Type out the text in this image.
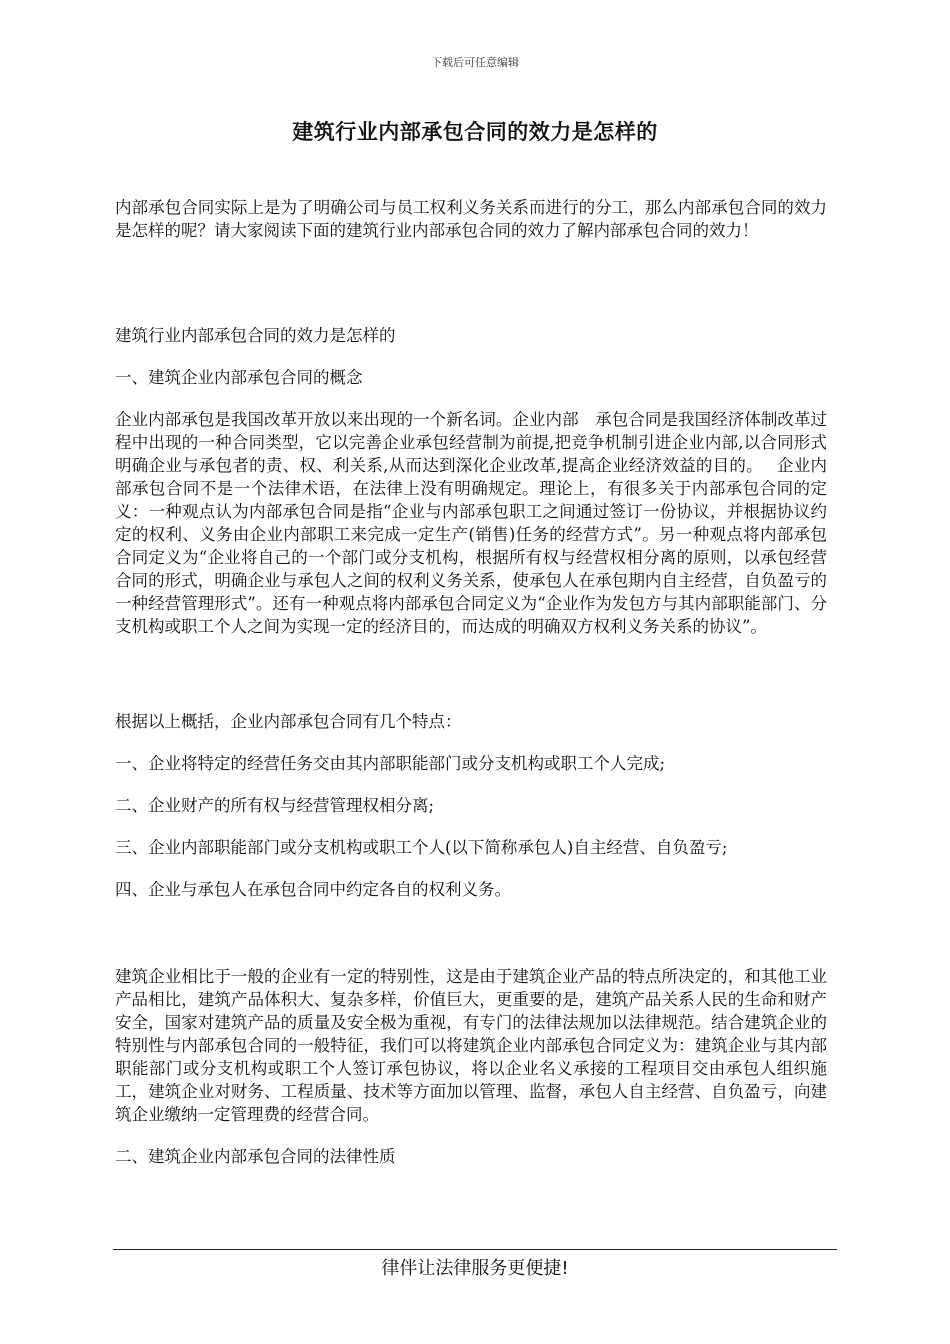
下载后可任意编辑
建筑行业内部承包合同的效力是怎样的

内部承包合同实际上是为了明确公司与员工权利义务关系而进行的分工，那么内部承包合同的效力是怎样的呢？请大家阅读下面的建筑行业内部承包合同的效力了解内部承包合同的效力！

建筑行业内部承包合同的效力是怎样的

一、建筑企业内部承包合同的概念

企业内部承包是我国改革开放以来出现的一个新名词。企业内部　承包合同是我国经济体制改革过程中出现的一种合同类型，它以完善企业承包经营制为前提,把竞争机制引进企业内部,以合同形式明确企业与承包者的责、权、利关系,从而达到深化企业改革,提高企业经济效益的目的。　 企业内部承包合同不是一个法律术语，在法律上没有明确规定。理论上，有很多关于内部承包合同的定义：一种观点认为内部承包合同是指“企业与内部承包职工之间通过签订一份协议，并根据协议约定的权利、义务由企业内部职工来完成一定生产(销售)任务的经营方式”。另一种观点将内部承包合同定义为“企业将自己的一个部门或分支机构，根据所有权与经营权相分离的原则，以承包经营合同的形式，明确企业与承包人之间的权利义务关系，使承包人在承包期内自主经营，自负盈亏的一种经营管理形式”。还有一种观点将内部承包合同定义为“企业作为发包方与其内部职能部门、分支机构或职工个人之间为实现一定的经济目的，而达成的明确双方权利义务关系的协议”。

根据以上概括，企业内部承包合同有几个特点：

一、企业将特定的经营任务交由其内部职能部门或分支机构或职工个人完成;

二、企业财产的所有权与经营管理权相分离;

三、企业内部职能部门或分支机构或职工个人(以下简称承包人)自主经营、自负盈亏;

四、企业与承包人在承包合同中约定各自的权利义务。

建筑企业相比于一般的企业有一定的特别性，这是由于建筑企业产品的特点所决定的，和其他工业产品相比，建筑产品体积大、复杂多样，价值巨大，更重要的是，建筑产品关系人民的生命和财产安全，国家对建筑产品的质量及安全极为重视，有专门的法律法规加以法律规范。结合建筑企业的特别性与内部承包合同的一般特征，我们可以将建筑企业内部承包合同定义为：建筑企业与其内部职能部门或分支机构或职工个人签订承包协议，将以企业名义承接的工程项目交由承包人组织施工，建筑企业对财务、工程质量、技术等方面加以管理、监督，承包人自主经营、自负盈亏，向建筑企业缴纳一定管理费的经营合同。

二、建筑企业内部承包合同的法律性质

律伴让法律服务更便捷!
